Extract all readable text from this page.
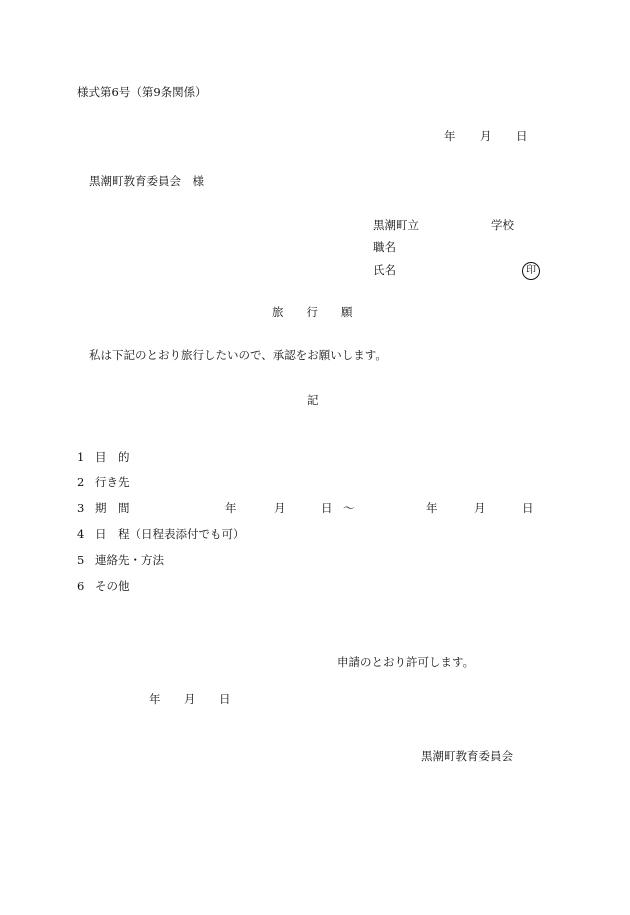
様式第6号（第9条関係）
年 月 日
黒潮町教育委員会　様
黒潮町立	学校
職名
氏名	印
旅　　行　　願
私は下記のとおり旅行したいので、承認をお願いします。
記
1 目　的
2 行き先
3 期　間	年	月	日 ～	年	月	日
4 日　程（日程表添付でも可）
5 連絡先・方法
6 その他
申請のとおり許可します。
年 月 日
黒潮町教育委員会
